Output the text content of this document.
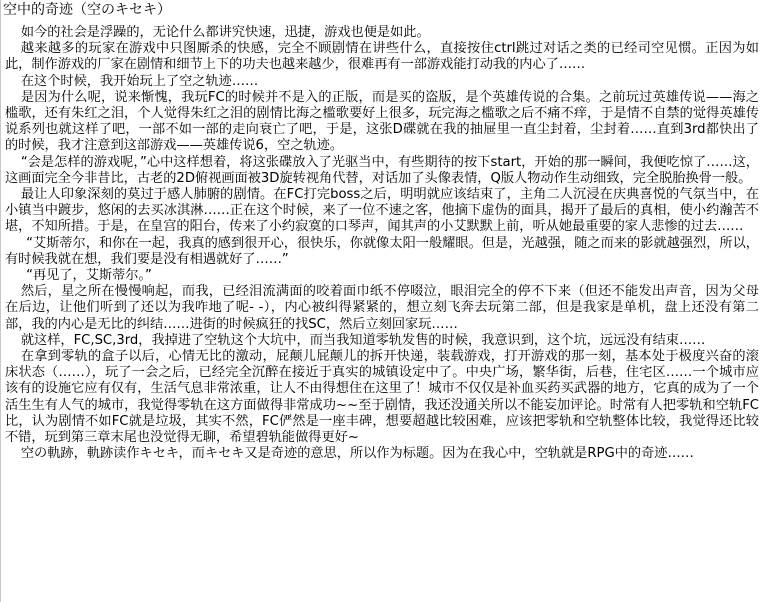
空中的奇迹（空のキセキ）

如今的社会是浮躁的，无论什么都讲究快速，迅捷，游戏也便是如此。

越来越多的玩家在游戏中只图厮杀的快感，完全不顾剧情在讲些什么，直接按住ctrl跳过对话之类的已经司空见惯。正因为如此，制作游戏的厂家在剧情和细节上下的功夫也越来越少，很难再有一部游戏能打动我的内心了……

在这个时候，我开始玩上了空之轨迹……

是因为什么呢，说来惭愧，我玩FC的时候并不是入的正版，而是买的盗版，是个英雄传说的合集。之前玩过英雄传说——海之槛歌，还有朱红之泪，个人觉得朱红之泪的剧情比海之槛歌要好上很多，玩完海之槛歌之后不痛不痒，于是情不自禁的觉得英雄传说系列也就这样了吧，一部不如一部的走向衰亡了吧，于是，这张D碟就在我的抽屉里一直尘封着，尘封着……直到3rd都快出了的时候，我才注意到这部游戏——英雄传说6，空之轨迹。

“会是怎样的游戏呢，”心中这样想着，将这张碟放入了光驱当中，有些期待的按下start，开始的那一瞬间，我便吃惊了……这，这画面完全今非昔比，古老的2D俯视画面被3D旋转视角代替，对话加了头像表情，Q版人物动作生动细致，完全脱胎换骨一般。

最让人印象深刻的莫过于感人肺腑的剧情。在FC打完boss之后，明明就应该结束了，主角二人沉浸在庆典喜悦的气氛当中，在小镇当中踱步，悠闲的去买冰淇淋……正在这个时候，来了一位不速之客，他摘下虚伪的面具，揭开了最后的真相，使小约瀚苦不堪，不知所措。于是，在皇宫的阳台，传来了小约寂寞的口琴声，闻其声的小艾默默上前，听从她最重要的家人悲惨的过去……

“艾斯蒂尔，和你在一起，我真的感到很开心，很快乐，你就像太阳一般耀眼。但是，光越强，随之而来的影就越强烈，所以，有时候我就在想，我们要是没有相遇就好了……”

“再见了，艾斯蒂尔。”

然后，星之所在慢慢响起，而我，已经泪流满面的咬着面巾纸不停啜泣，眼泪完全的停不下来（但还不能发出声音，因为父母在后边，让他们听到了还以为我咋地了呢- -），内心被纠得紧紧的，想立刻飞奔去玩第二部，但是我家是单机，盘上还没有第二部，我的内心是无比的纠结……进街的时候疯狂的找SC，然后立刻回家玩……

就这样，FC,SC,3rd，我掉进了空轨这个大坑中，而当我知道零轨发售的时候，我意识到，这个坑，远远没有结束……

在拿到零轨的盒子以后，心情无比的激动，屁颠儿屁颠儿的拆开快递，装载游戏，打开游戏的那一刻，基本处于极度兴奋的滚床状态（……），玩了一会之后，已经完全沉醉在接近于真实的城镇设定中了。中央广场，繁华街，后巷，住宅区……一个城市应该有的设施它应有仅有，生活气息非常浓重，让人不由得想住在这里了！城市不仅仅是补血买药买武器的地方，它真的成为了一个活生生有人气的城市，我觉得零轨在这方面做得非常成功~~至于剧情，我还没通关所以不能妄加评论。时常有人把零轨和空轨FC比，认为剧情不如FC就是垃圾，其实不然，FC俨然是一座丰碑，想要超越比较困难，应该把零轨和空轨整体比较，我觉得还比较不错，玩到第三章末尾也没觉得无聊，希望碧轨能做得更好~

空の軌跡，軌跡读作キセキ，而キセキ又是奇迹的意思，所以作为标题。因为在我心中，空轨就是RPG中的奇迹……
